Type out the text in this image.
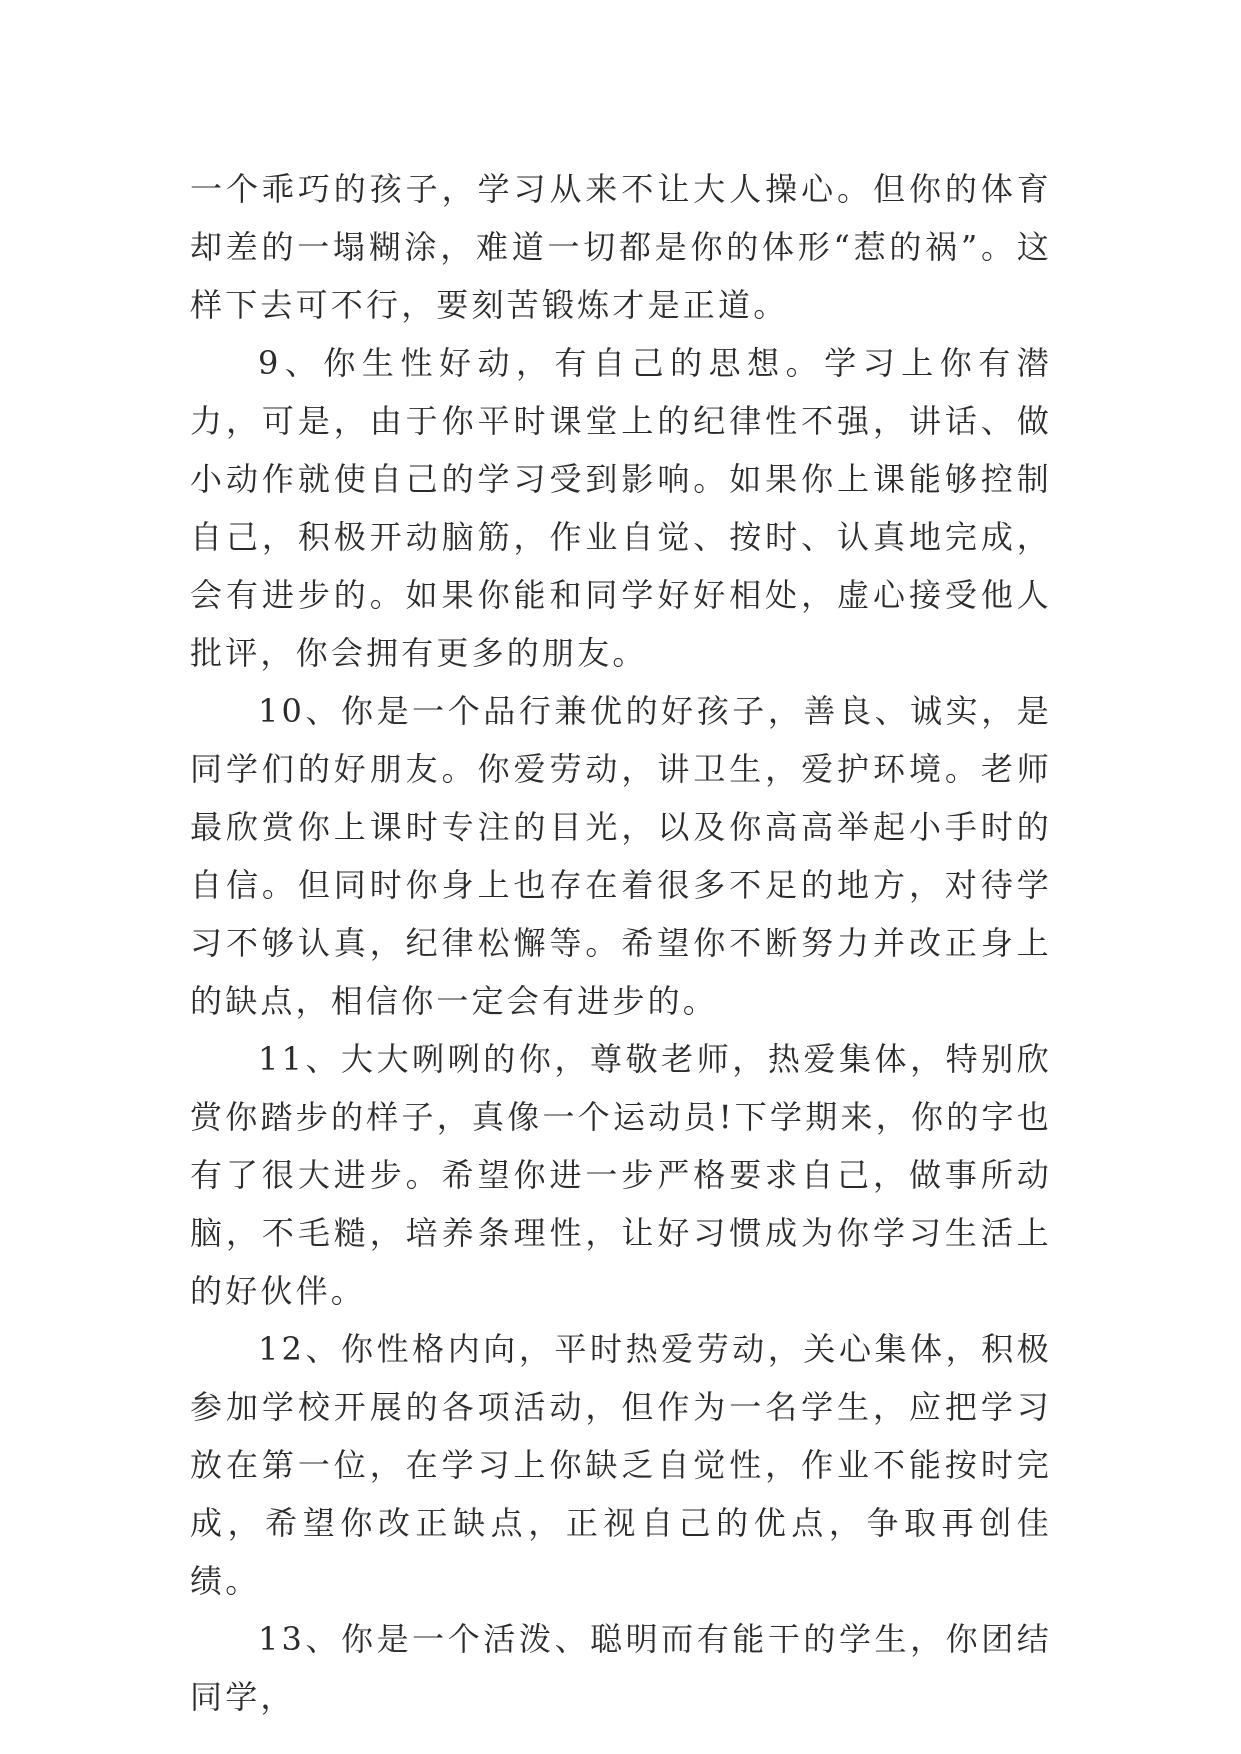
一个乖巧的孩子，学习从来不让大人操心。但你的体育却差的一塌糊涂，难道一切都是你的体形“惹的祸”。这样下去可不行，要刻苦锻炼才是正道。

9、你生性好动，有自己的思想。学习上你有潜力，可是，由于你平时课堂上的纪律性不强，讲话、做小动作就使自己的学习受到影响。如果你上课能够控制自己，积极开动脑筋，作业自觉、按时、认真地完成，会有进步的。如果你能和同学好好相处，虚心接受他人批评，你会拥有更多的朋友。

10、你是一个品行兼优的好孩子，善良、诚实，是同学们的好朋友。你爱劳动，讲卫生，爱护环境。老师最欣赏你上课时专注的目光，以及你高高举起小手时的自信。但同时你身上也存在着很多不足的地方，对待学习不够认真，纪律松懈等。希望你不断努力并改正身上的缺点，相信你一定会有进步的。

11、大大咧咧的你，尊敬老师，热爱集体，特别欣赏你踏步的样子，真像一个运动员!下学期来，你的字也有了很大进步。希望你进一步严格要求自己，做事所动脑，不毛糙，培养条理性，让好习惯成为你学习生活上的好伙伴。

12、你性格内向，平时热爱劳动，关心集体，积极参加学校开展的各项活动，但作为一名学生，应把学习放在第一位，在学习上你缺乏自觉性，作业不能按时完成，希望你改正缺点，正视自己的优点，争取再创佳绩。

13、你是一个活泼、聪明而有能干的学生，你团结同学，
